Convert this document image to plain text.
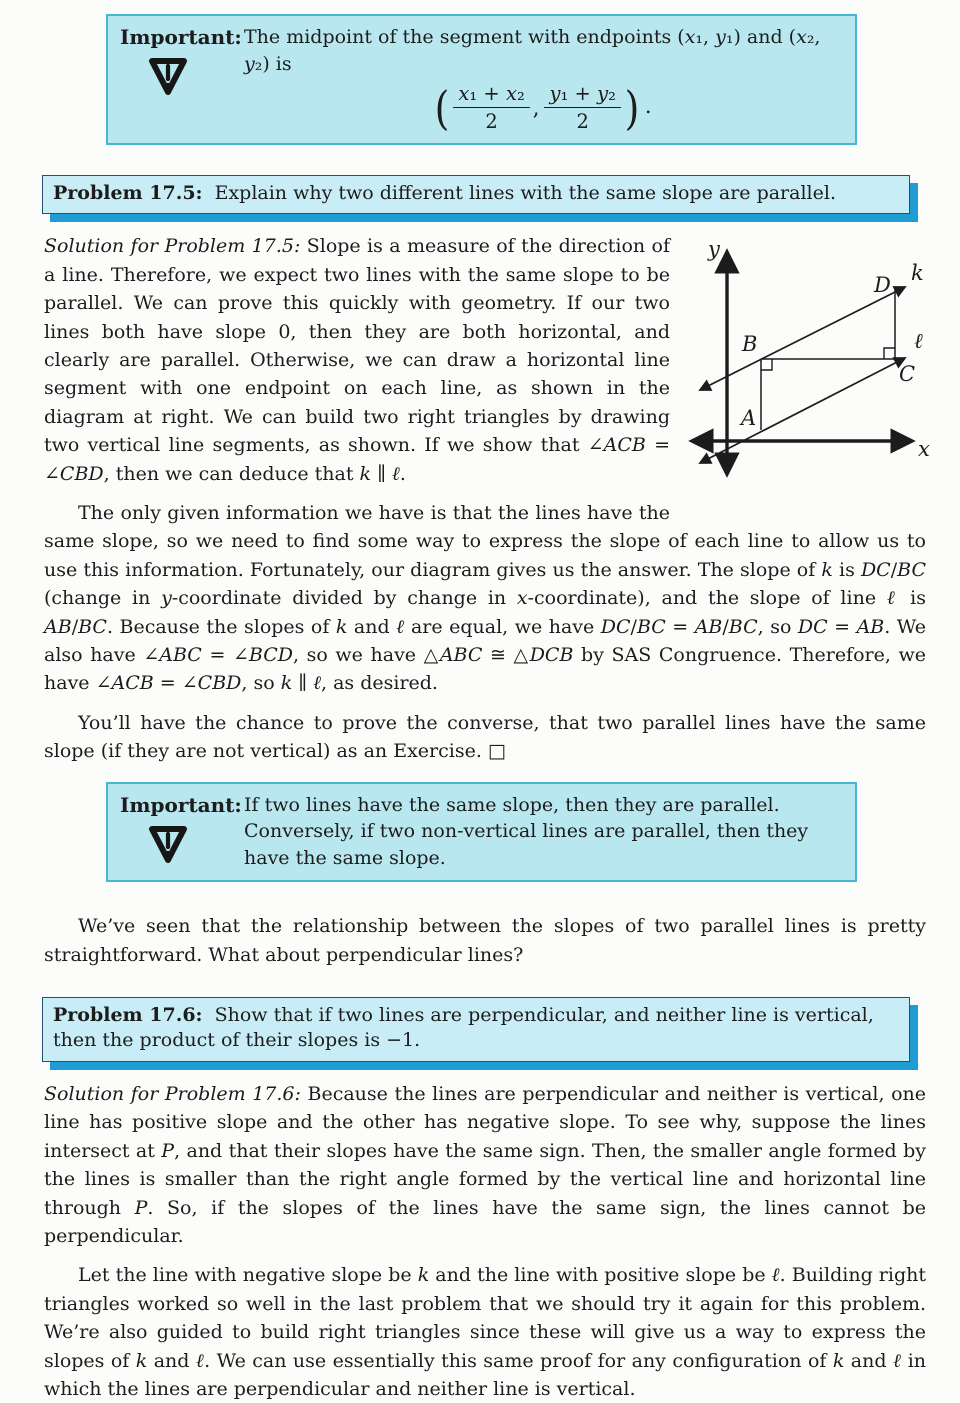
Important: The midpoint of the segment with endpoints (x₁, y₁) and (x₂, y₂) is
( $\frac{\text{x₁ + x₂}}{2}$ , $\frac{\text{y₁ + y₂}}{2}$ ) .
Problem 17.5: Explain why two different lines with the same slope are parallel.
y
x
k
ℓ
D
B
C
A

Solution for Problem 17.5: Slope is a measure of the direction of a line. Therefore, we expect two lines with the same slope to be parallel. We can prove this quickly with geometry. If our two lines both have slope 0, then they are both horizontal, and clearly are parallel. Otherwise, we can draw a horizontal line segment with one endpoint on each line, as shown in the diagram at right. We can build two right triangles by drawing two vertical line segments, as shown. If we show that ∠ACB = ∠CBD, then we can deduce that k ∥ ℓ.

The only given information we have is that the lines have the same slope, so we need to find some way to express the slope of each line to allow us to use this information. Fortunately, our diagram gives us the answer. The slope of k is DC/BC (change in y-coordinate divided by change in x-coordinate), and the slope of line ℓ is AB/BC. Because the slopes of k and ℓ are equal, we have DC/BC = AB/BC, so DC = AB. We also have ∠ABC = ∠BCD, so we have △ABC ≅ △DCB by SAS Congruence. Therefore, we have ∠ACB = ∠CBD, so k ∥ ℓ, as desired.

You’ll have the chance to prove the converse, that two parallel lines have the same slope (if they are not vertical) as an Exercise. □

Important: If two lines have the same slope, then they are parallel. Conversely, if two non-vertical lines are parallel, then they have the same slope.

We’ve seen that the relationship between the slopes of two parallel lines is pretty straightforward. What about perpendicular lines?

Problem 17.6: Show that if two lines are perpendicular, and neither line is vertical, then the product of their slopes is −1.

Solution for Problem 17.6: Because the lines are perpendicular and neither is vertical, one line has positive slope and the other has negative slope. To see why, suppose the lines intersect at P, and that their slopes have the same sign. Then, the smaller angle formed by the lines is smaller than the right angle formed by the vertical line and horizontal line through P. So, if the slopes of the lines have the same sign, the lines cannot be perpendicular.

Let the line with negative slope be k and the line with positive slope be ℓ. Building right triangles worked so well in the last problem that we should try it again for this problem. We’re also guided to build right triangles since these will give us a way to express the slopes of k and ℓ. We can use essentially this same proof for any configuration of k and ℓ in which the lines are perpendicular and neither line is vertical.
